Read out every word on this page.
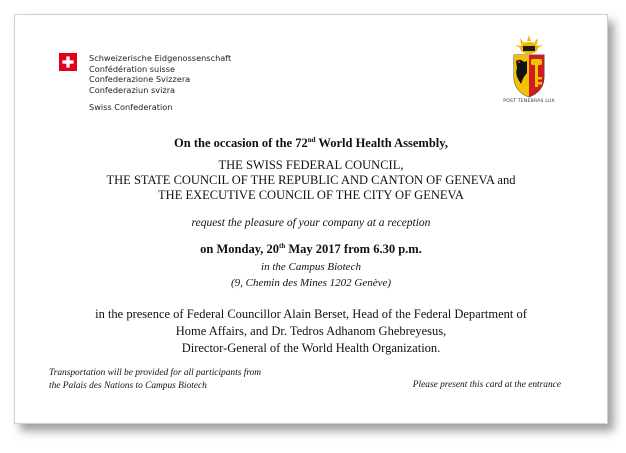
Schweizerische Eidgenossenschaft
Confédération suisse
Confederazione Svizzera
Confederaziun svizra
Swiss Confederation
POST TENEBRAS LUX
On the occasion of the 72nd World Health Assembly,
THE SWISS FEDERAL COUNCIL,
THE STATE COUNCIL OF THE REPUBLIC AND CANTON OF GENEVA and
THE EXECUTIVE COUNCIL OF THE CITY OF GENEVA
request the pleasure of your company at a reception
on Monday, 20th May 2017 from 6.30 p.m.
in the Campus Biotech
(9, Chemin des Mines 1202 Genève)
in the presence of Federal Councillor Alain Berset, Head of the Federal Department of
Home Affairs, and Dr. Tedros Adhanom Ghebreyesus,
Director-General of the World Health Organization.
Transportation will be provided for all participants from
the Palais des Nations to Campus Biotech	Please present this card at the entrance
